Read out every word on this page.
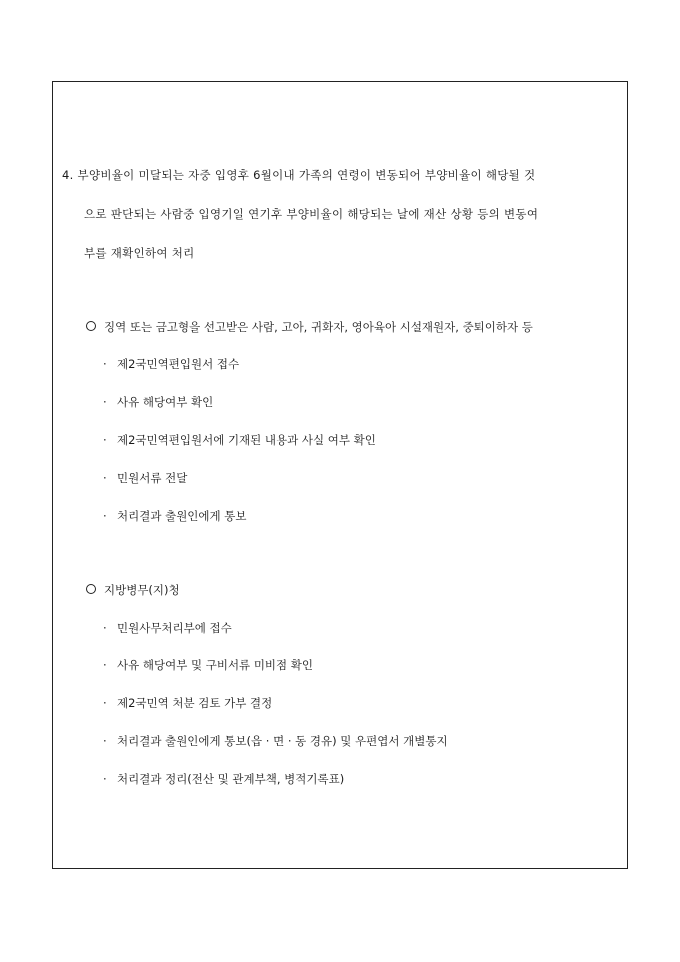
4. 부양비율이 미달되는 자중 입영후 6월이내 가족의 연령이 변동되어 부양비율이 해당될 것
으로 판단되는 사람중 입영기일 연기후 부양비율이 해당되는 날에 재산 상황 등의 변동여
부를 재확인하여 처리
징역 또는 금고형을 선고받은 사람, 고아, 귀화자, 영아육아 시설재원자, 중퇴이하자 등
· 제2국민역편입원서 접수
· 사유 해당여부 확인
· 제2국민역편입원서에 기재된 내용과 사실 여부 확인
· 민원서류 전달
· 처리결과 출원인에게 통보
지방병무(지)청
· 민원사무처리부에 접수
· 사유 해당여부 및 구비서류 미비점 확인
· 제2국민역 처분 검토 가부 결정
· 처리결과 출원인에게 통보(읍 · 면 · 동 경유) 및 우편엽서 개별통지
· 처리결과 정리(전산 및 관계부책, 병적기록표)
